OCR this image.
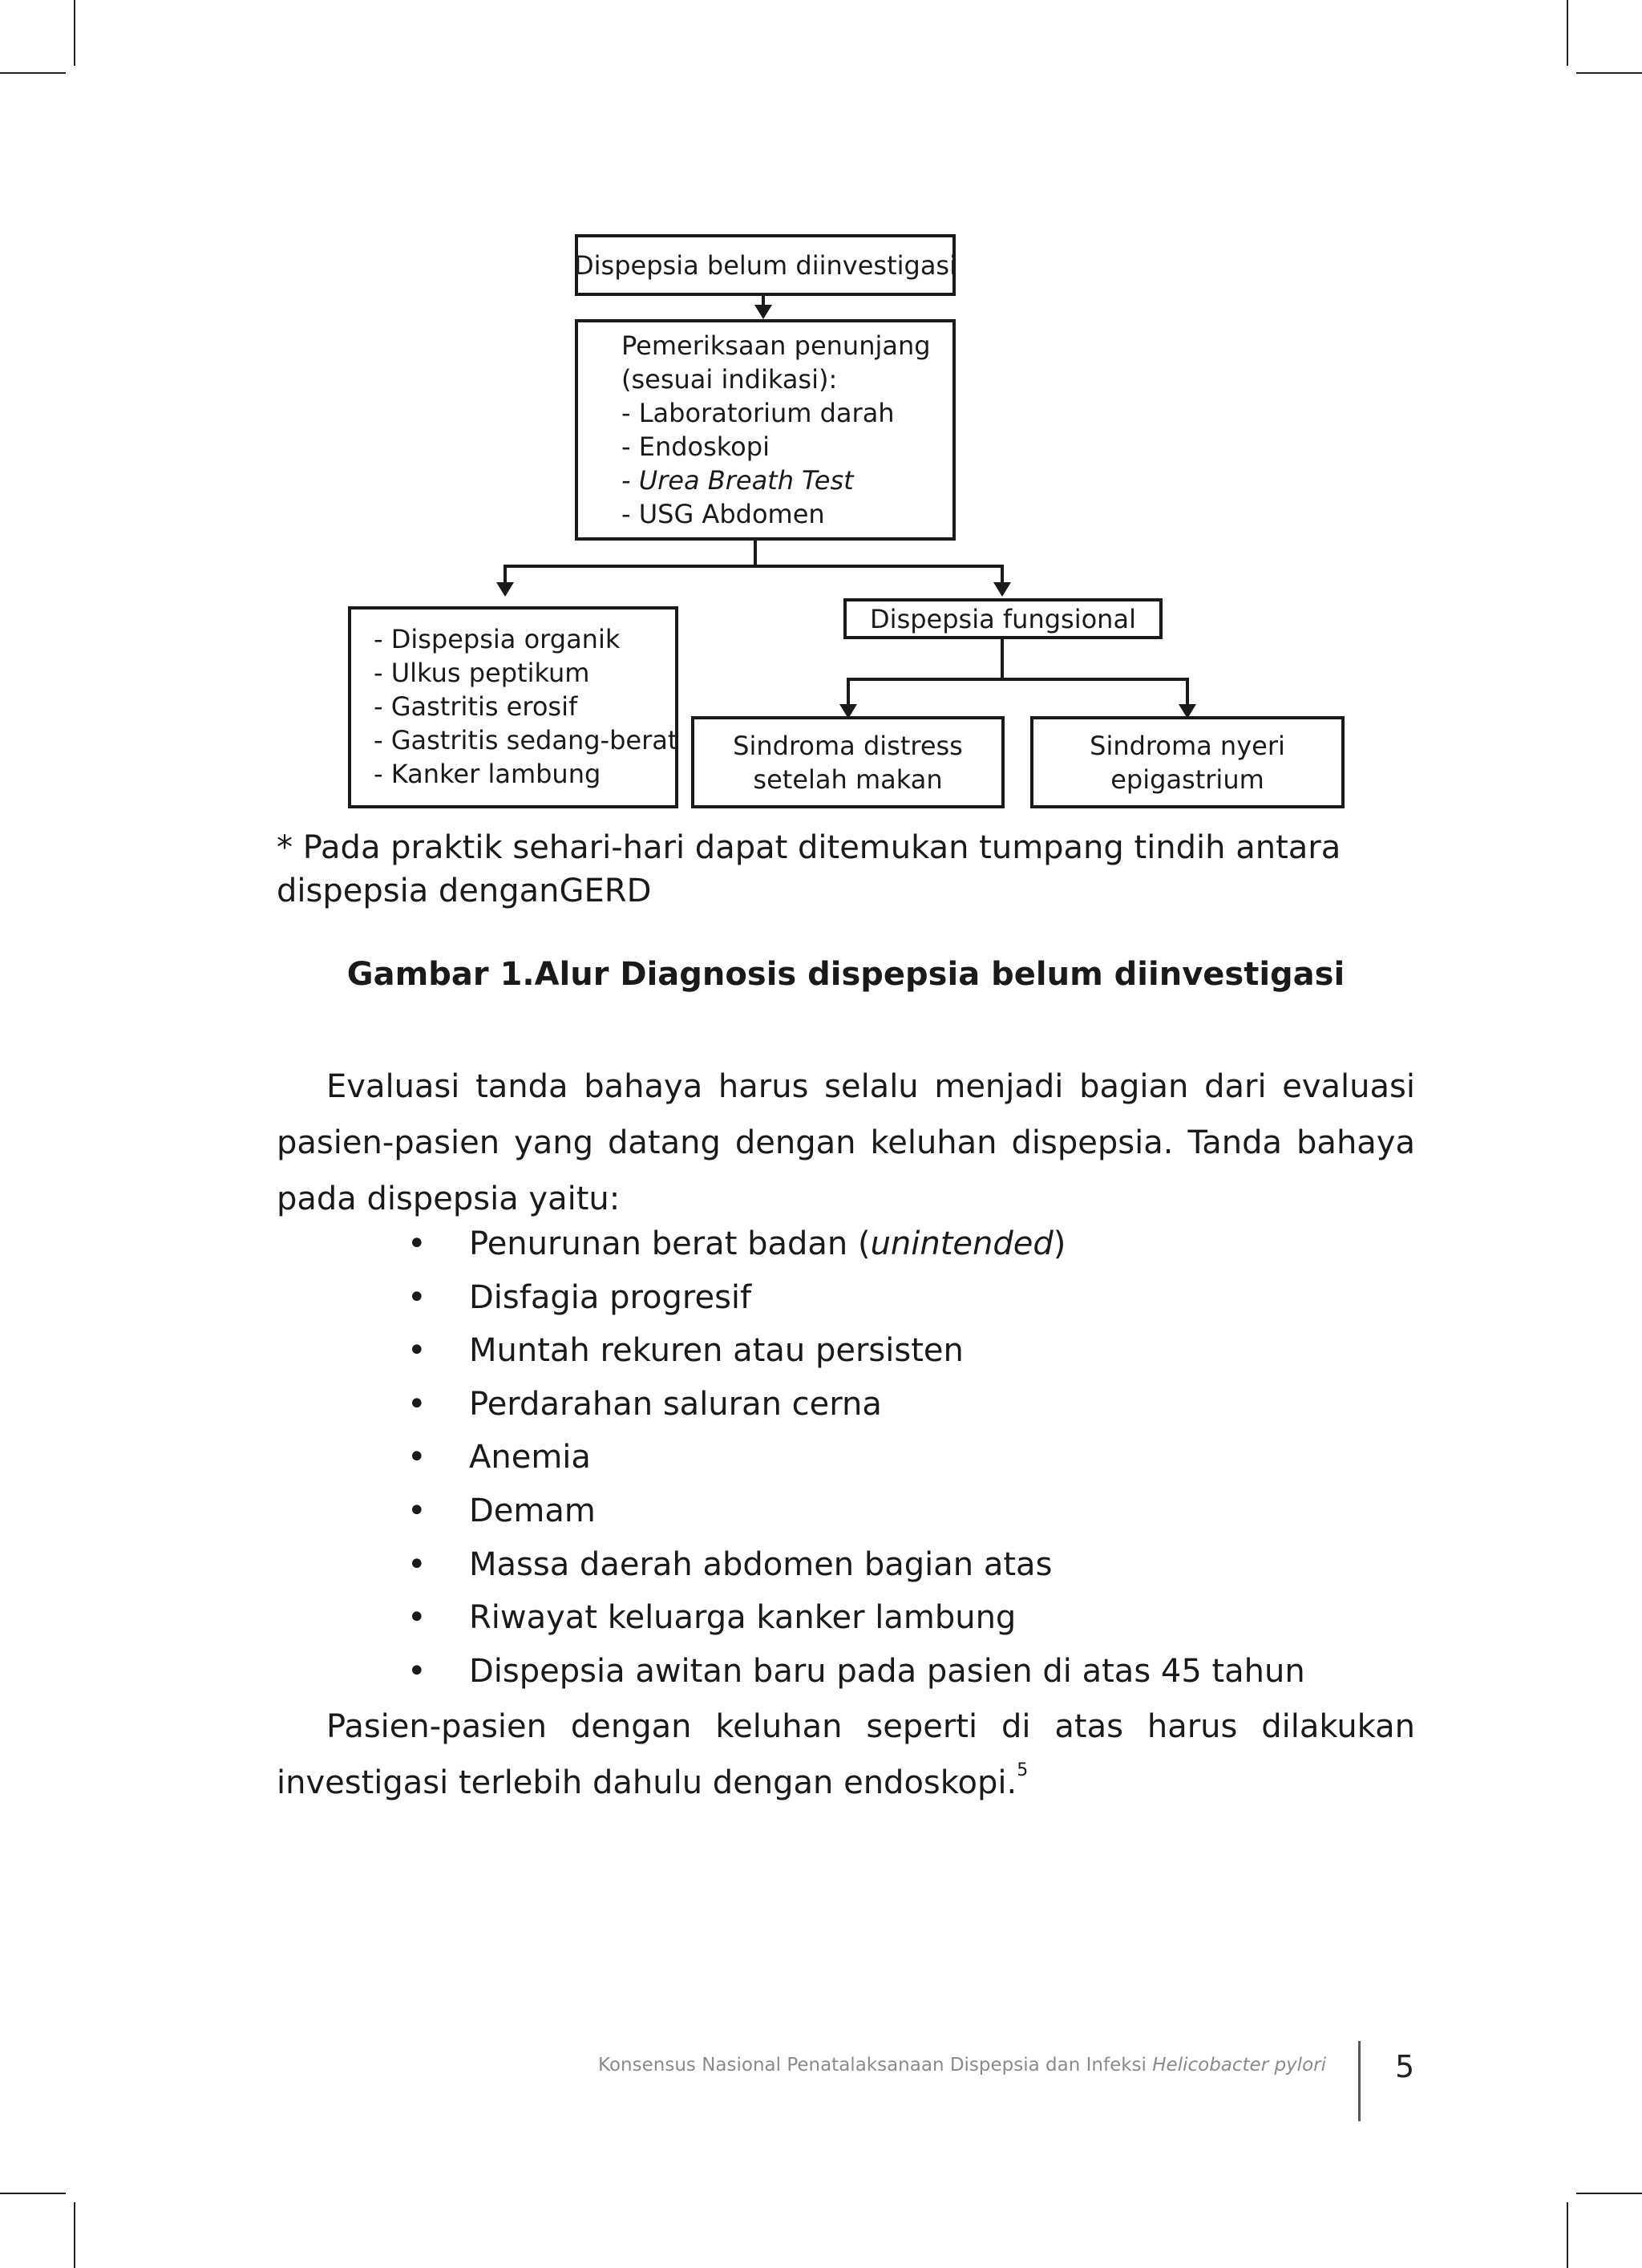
Dispepsia belum diinvestigasi
Pemeriksaan penunjang
(sesuai indikasi):
- Laboratorium darah
- Endoskopi
- Urea Breath Test
- USG Abdomen
- Dispepsia organik
- Ulkus peptikum
- Gastritis erosif
- Gastritis sedang-berat
- Kanker lambung
Dispepsia fungsional
Sindroma distress
setelah makan
Sindroma nyeri
epigastrium
* Pada praktik sehari-hari dapat ditemukan tumpang tindih antara dispepsia denganGERD
Gambar 1.Alur Diagnosis dispepsia belum diinvestigasi
Evaluasi tanda bahaya harus selalu menjadi bagian dari evaluasi pasien-pasien yang datang dengan keluhan dispepsia. Tanda bahaya pada dispepsia yaitu:
• Penurunan berat badan (unintended)
• Disfagia progresif
• Muntah rekuren atau persisten
• Perdarahan saluran cerna
• Anemia
• Demam
• Massa daerah abdomen bagian atas
• Riwayat keluarga kanker lambung
• Dispepsia awitan baru pada pasien di atas 45 tahun
Pasien-pasien dengan keluhan seperti di atas harus dilakukan investigasi terlebih dahulu dengan endoskopi.$^5$
Konsensus Nasional Penatalaksanaan Dispepsia dan Infeksi Helicobacter pylori 5
